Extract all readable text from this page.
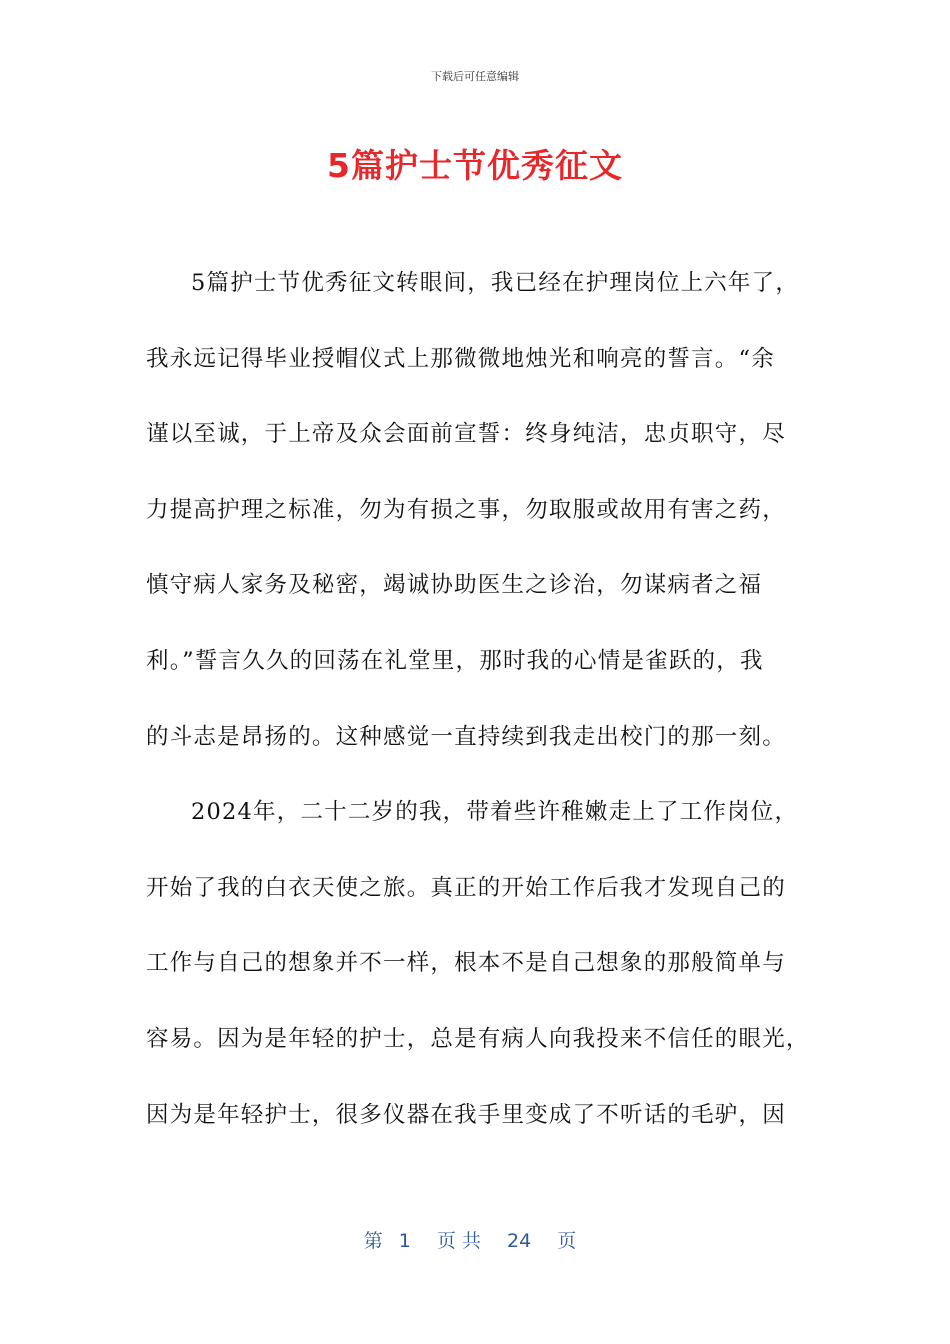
下载后可任意编辑
5篇护士节优秀征文
5篇护士节优秀征文转眼间，我已经在护理岗位上六年了，
我永远记得毕业授帽仪式上那微微地烛光和响亮的誓言。“余
谨以至诚，于上帝及众会面前宣誓：终身纯洁，忠贞职守，尽
力提高护理之标准，勿为有损之事，勿取服或故用有害之药，
慎守病人家务及秘密，竭诚协助医生之诊治，勿谋病者之福
利。”誓言久久的回荡在礼堂里，那时我的心情是雀跃的，我
的斗志是昂扬的。这种感觉一直持续到我走出校门的那一刻。
2024年，二十二岁的我，带着些许稚嫩走上了工作岗位，
开始了我的白衣天使之旅。真正的开始工作后我才发现自己的
工作与自己的想象并不一样，根本不是自己想象的那般简单与
容易。因为是年轻的护士，总是有病人向我投来不信任的眼光，
因为是年轻护士，很多仪器在我手里变成了不听话的毛驴，因
第 1 页 共 24 页
